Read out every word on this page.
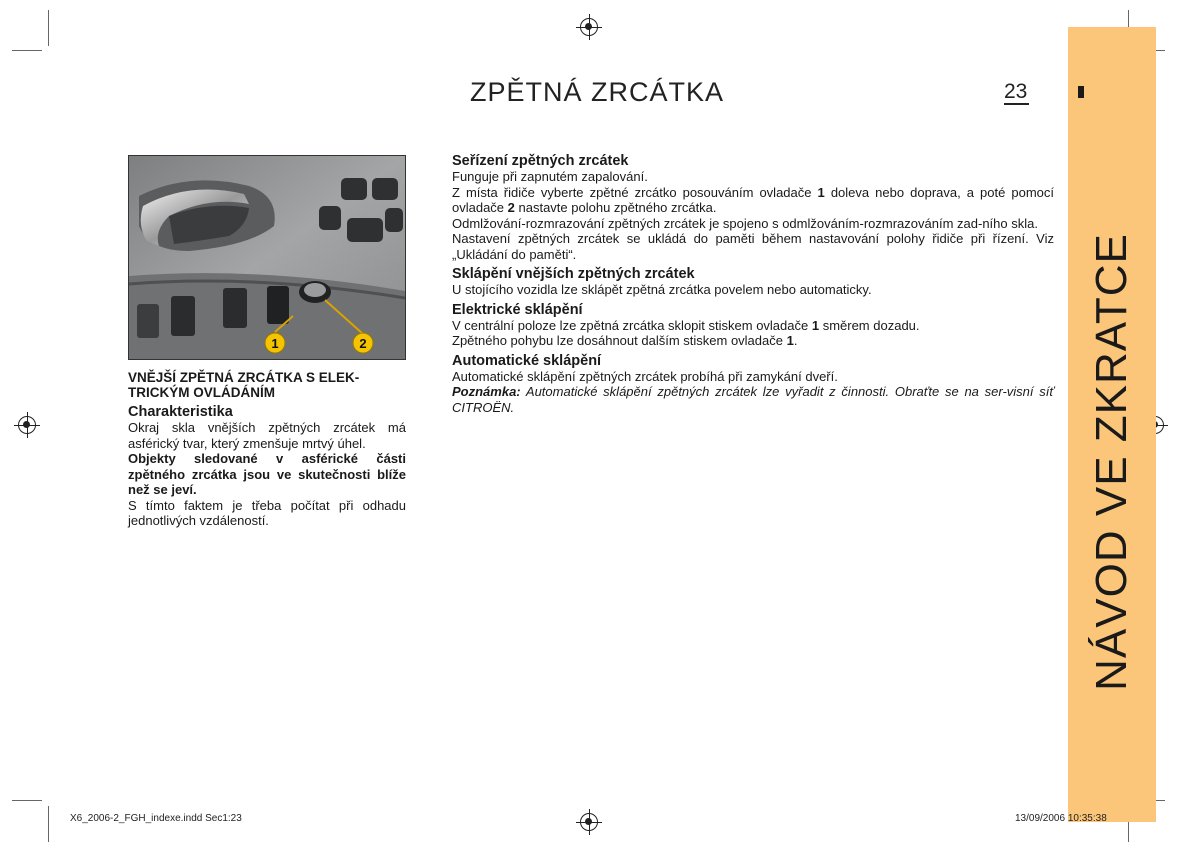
NÁVOD VE ZKRATCE
ZPĚTNÁ ZRCÁTKA	23
1	2

VNĚJŠÍ ZPĚTNÁ ZRCÁTKA S ELEK-TRICKÝM OVLÁDÁNÍM

Charakteristika

Okraj skla vnějších zpětných zrcátek má asférický tvar, který zmenšuje mrtvý úhel.

Objekty sledované v asférické části zpětného zrcátka jsou ve skutečnosti blíže než se jeví.

S tímto faktem je třeba počítat při odhadu jednotlivých vzdáleností.

Seřízení zpětných zrcátek

Funguje při zapnutém zapalování.

Z místa řidiče vyberte zpětné zrcátko posouváním ovladače 1 doleva nebo doprava, a poté pomocí ovladače 2 nastavte polohu zpětného zrcátka.

Odmlžování-rozmrazování zpětných zrcátek je spojeno s odmlžováním-rozmrazováním zad-ního skla.

Nastavení zpětných zrcátek se ukládá do paměti během nastavování polohy řidiče při řízení. Viz „Ukládání do paměti“.

Sklápění vnějších zpětných zrcátek

U stojícího vozidla lze sklápět zpětná zrcátka povelem nebo automaticky.

Elektrické sklápění

V centrální poloze lze zpětná zrcátka sklopit stiskem ovladače 1 směrem dozadu.

Zpětného pohybu lze dosáhnout dalším stiskem ovladače 1.

Automatické sklápění

Automatické sklápění zpětných zrcátek probíhá při zamykání dveří.

Poznámka: Automatické sklápění zpětných zrcátek lze vyřadit z činnosti. Obraťte se na ser-visní síť CITROËN.

X6_2006-2_FGH_indexe.indd Sec1:23	13/09/2006 10:35:38
